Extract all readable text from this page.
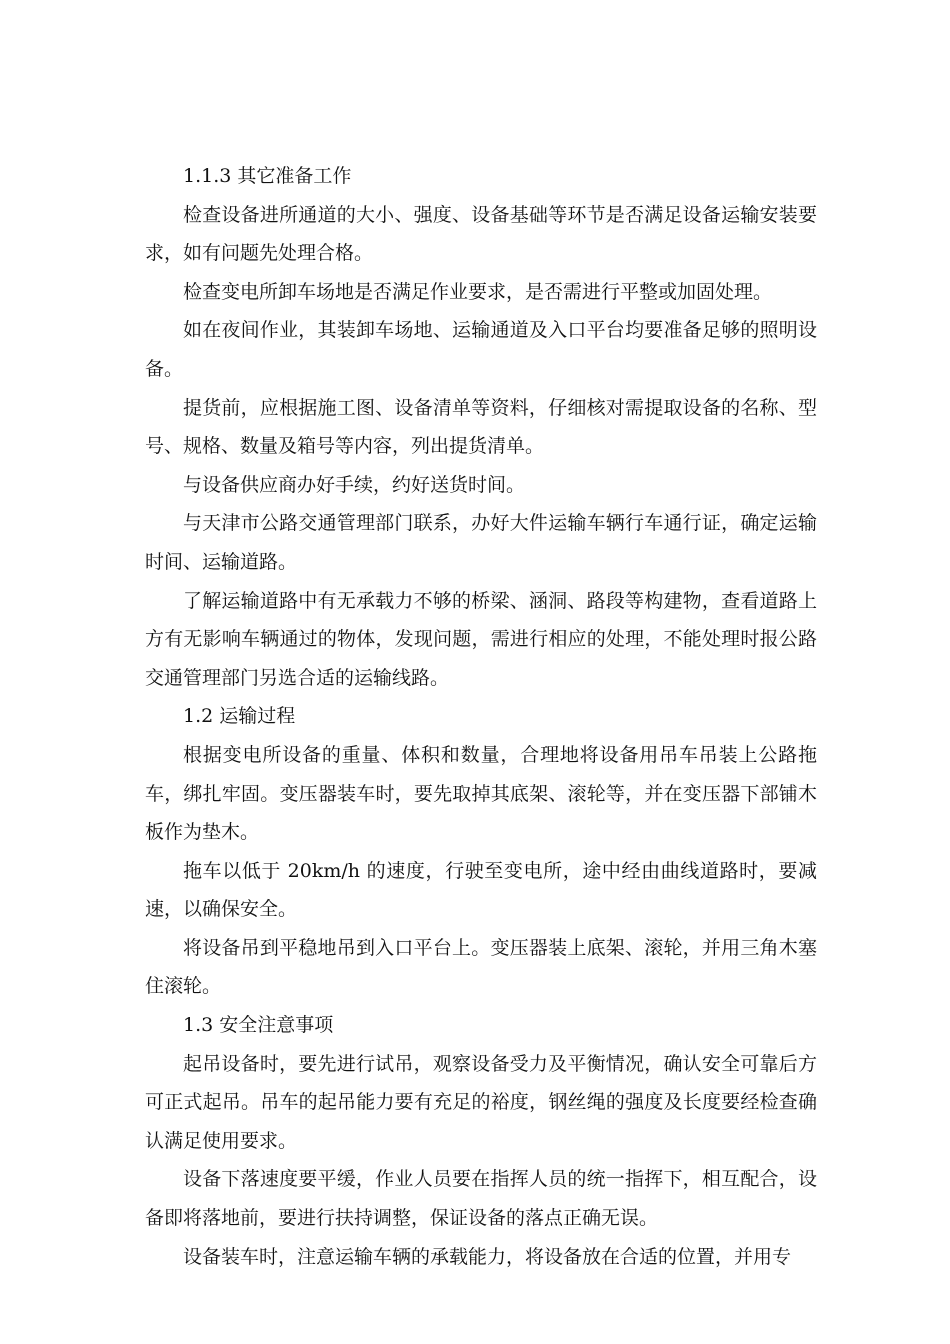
1.1.3 其它准备工作

检查设备进所通道的大小、强度、设备基础等环节是否满足设备运输安装要求，如有问题先处理合格。

检查变电所卸车场地是否满足作业要求，是否需进行平整或加固处理。

如在夜间作业，其装卸车场地、运输通道及入口平台均要准备足够的照明设备。

提货前，应根据施工图、设备清单等资料，仔细核对需提取设备的名称、型号、规格、数量及箱号等内容，列出提货清单。

与设备供应商办好手续，约好送货时间。

与天津市公路交通管理部门联系，办好大件运输车辆行车通行证，确定运输时间、运输道路。

了解运输道路中有无承载力不够的桥梁、涵洞、路段等构建物，查看道路上方有无影响车辆通过的物体，发现问题，需进行相应的处理，不能处理时报公路交通管理部门另选合适的运输线路。

1.2 运输过程

根据变电所设备的重量、体积和数量，合理地将设备用吊车吊装上公路拖车，绑扎牢固。变压器装车时，要先取掉其底架、滚轮等，并在变压器下部铺木板作为垫木。

拖车以低于 20km/h 的速度，行驶至变电所，途中经由曲线道路时，要减速，以确保安全。

将设备吊到平稳地吊到入口平台上。变压器装上底架、滚轮，并用三角木塞住滚轮。

1.3 安全注意事项

起吊设备时，要先进行试吊，观察设备受力及平衡情况，确认安全可靠后方可正式起吊。吊车的起吊能力要有充足的裕度，钢丝绳的强度及长度要经检查确认满足使用要求。

设备下落速度要平缓，作业人员要在指挥人员的统一指挥下，相互配合，设备即将落地前，要进行扶持调整，保证设备的落点正确无误。

设备装车时，注意运输车辆的承载能力，将设备放在合适的位置，并用专
